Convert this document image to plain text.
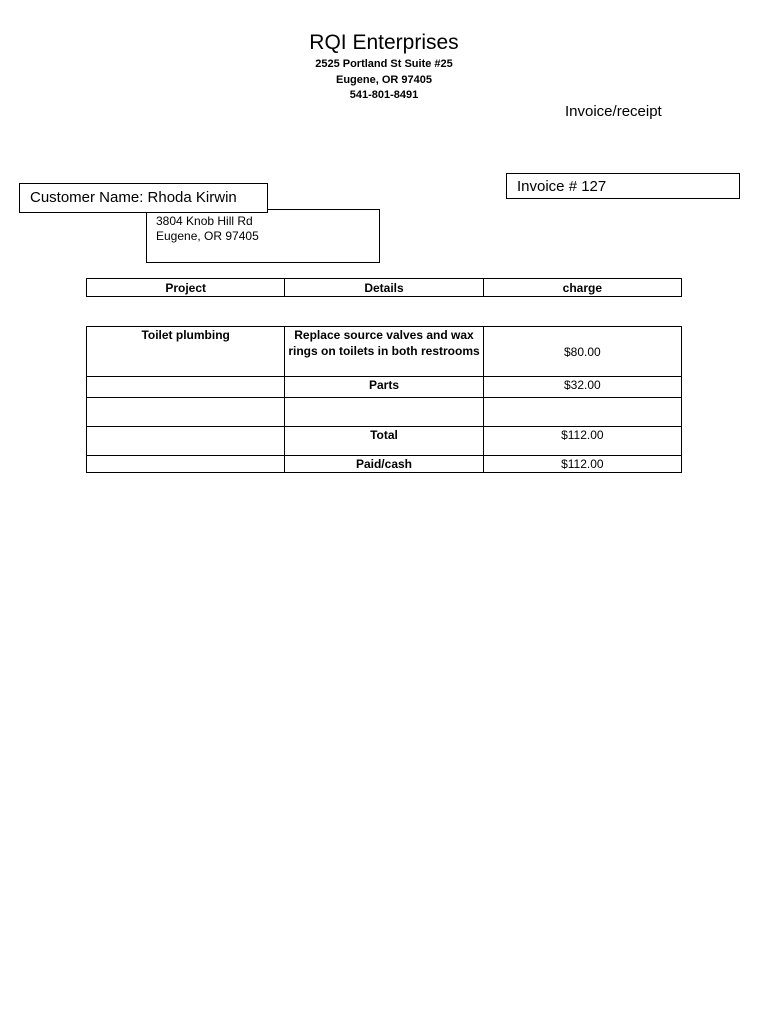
RQI Enterprises
2525 Portland St Suite #25
Eugene, OR 97405
541-801-8491
Invoice/receipt
Customer Name: Rhoda Kirwin
3804 Knob Hill Rd
Eugene, OR 97405
Invoice # 127
Project	Details	charge
Toilet plumbing	Replace source valves and wax rings on toilets in both restrooms	$80.00
	Parts	$32.00

	Total	$112.00
	Paid/cash	$112.00
